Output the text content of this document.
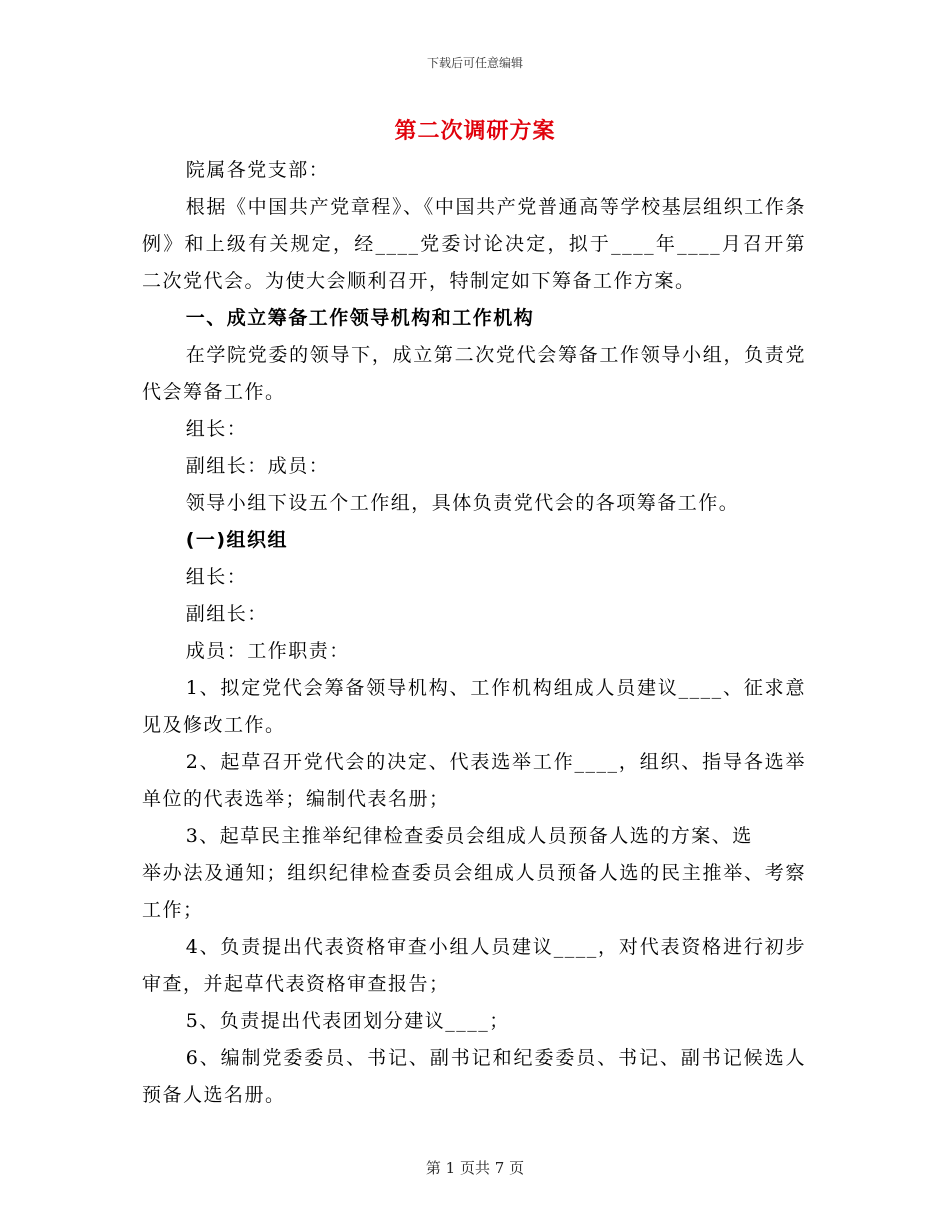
下载后可任意编辑
第二次调研方案

院属各党支部：

根据《中国共产党章程》、《中国共产党普通高等学校基层组织工作条例》和上级有关规定，经____党委讨论决定，拟于____年____月召开第二次党代会。为使大会顺利召开，特制定如下筹备工作方案。

一、成立筹备工作领导机构和工作机构

在学院党委的领导下，成立第二次党代会筹备工作领导小组，负责党代会筹备工作。

组长：

副组长：成员：

领导小组下设五个工作组，具体负责党代会的各项筹备工作。

(一)组织组

组长：

副组长：

成员：工作职责：

1、拟定党代会筹备领导机构、工作机构组成人员建议____、征求意见及修改工作。

2、起草召开党代会的决定、代表选举工作____，组织、指导各选举单位的代表选举；编制代表名册；

3、起草民主推举纪律检查委员会组成人员预备人选的方案、选

举办法及通知；组织纪律检查委员会组成人员预备人选的民主推举、考察工作；

4、负责提出代表资格审查小组人员建议____，对代表资格进行初步审查，并起草代表资格审查报告；

5、负责提出代表团划分建议____；

6、编制党委委员、书记、副书记和纪委委员、书记、副书记候选人预备人选名册。

第 1 页共 7 页
